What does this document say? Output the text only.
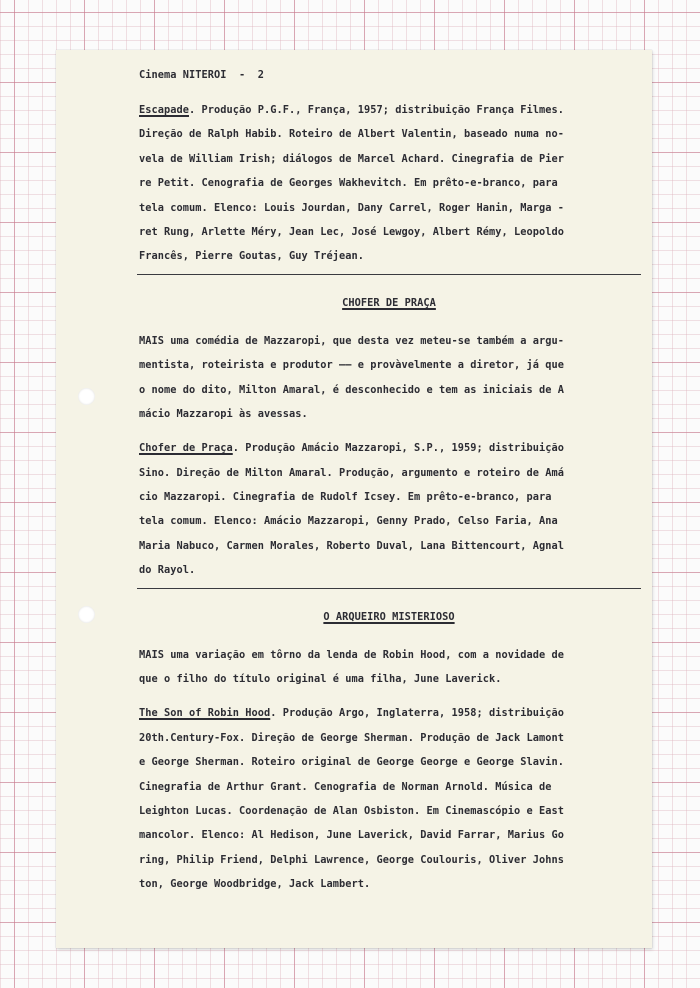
Cinema NITEROI  -  2
Escapade. Produção P.G.F., França, 1957; distribuição França Filmes.
Direção de Ralph Habib. Roteiro de Albert Valentin, baseado numa no-
vela de William Irish; diálogos de Marcel Achard. Cinegrafia de Pier
re Petit. Cenografia de Georges Wakhevitch. Em prêto-e-branco, para
tela comum. Elenco: Louis Jourdan, Dany Carrel, Roger Hanin, Marga -
ret Rung, Arlette Méry, Jean Lec, José Lewgoy, Albert Rémy, Leopoldo
Francês, Pierre Goutas, Guy Tréjean.
CHOFER DE PRAÇA
MAIS uma comédia de Mazzaropi, que desta vez meteu-se também a argu-
mentista, roteirista e produtor —— e provàvelmente a diretor, já que
o nome do dito, Milton Amaral, é desconhecido e tem as iniciais de A
mácio Mazzaropi às avessas.
Chofer de Praça. Produção Amácio Mazzaropi, S.P., 1959; distribuição
Sino. Direção de Milton Amaral. Produção, argumento e roteiro de Amá
cio Mazzaropi. Cinegrafia de Rudolf Icsey. Em prêto-e-branco, para
tela comum. Elenco: Amácio Mazzaropi, Genny Prado, Celso Faria, Ana
Maria Nabuco, Carmen Morales, Roberto Duval, Lana Bittencourt, Agnal
do Rayol.
O ARQUEIRO MISTERIOSO
MAIS uma variação em tôrno da lenda de Robin Hood, com a novidade de
que o filho do título original é uma filha, June Laverick.
The Son of Robin Hood. Produção Argo, Inglaterra, 1958; distribuição
20th.Century-Fox. Direção de George Sherman. Produção de Jack Lamont
e George Sherman. Roteiro original de George George e George Slavin.
Cinegrafia de Arthur Grant. Cenografia de Norman Arnold. Música de
Leighton Lucas. Coordenação de Alan Osbiston. Em Cinemascópio e East
mancolor. Elenco: Al Hedison, June Laverick, David Farrar, Marius Go
ring, Philip Friend, Delphi Lawrence, George Coulouris, Oliver Johns
ton, George Woodbridge, Jack Lambert.
